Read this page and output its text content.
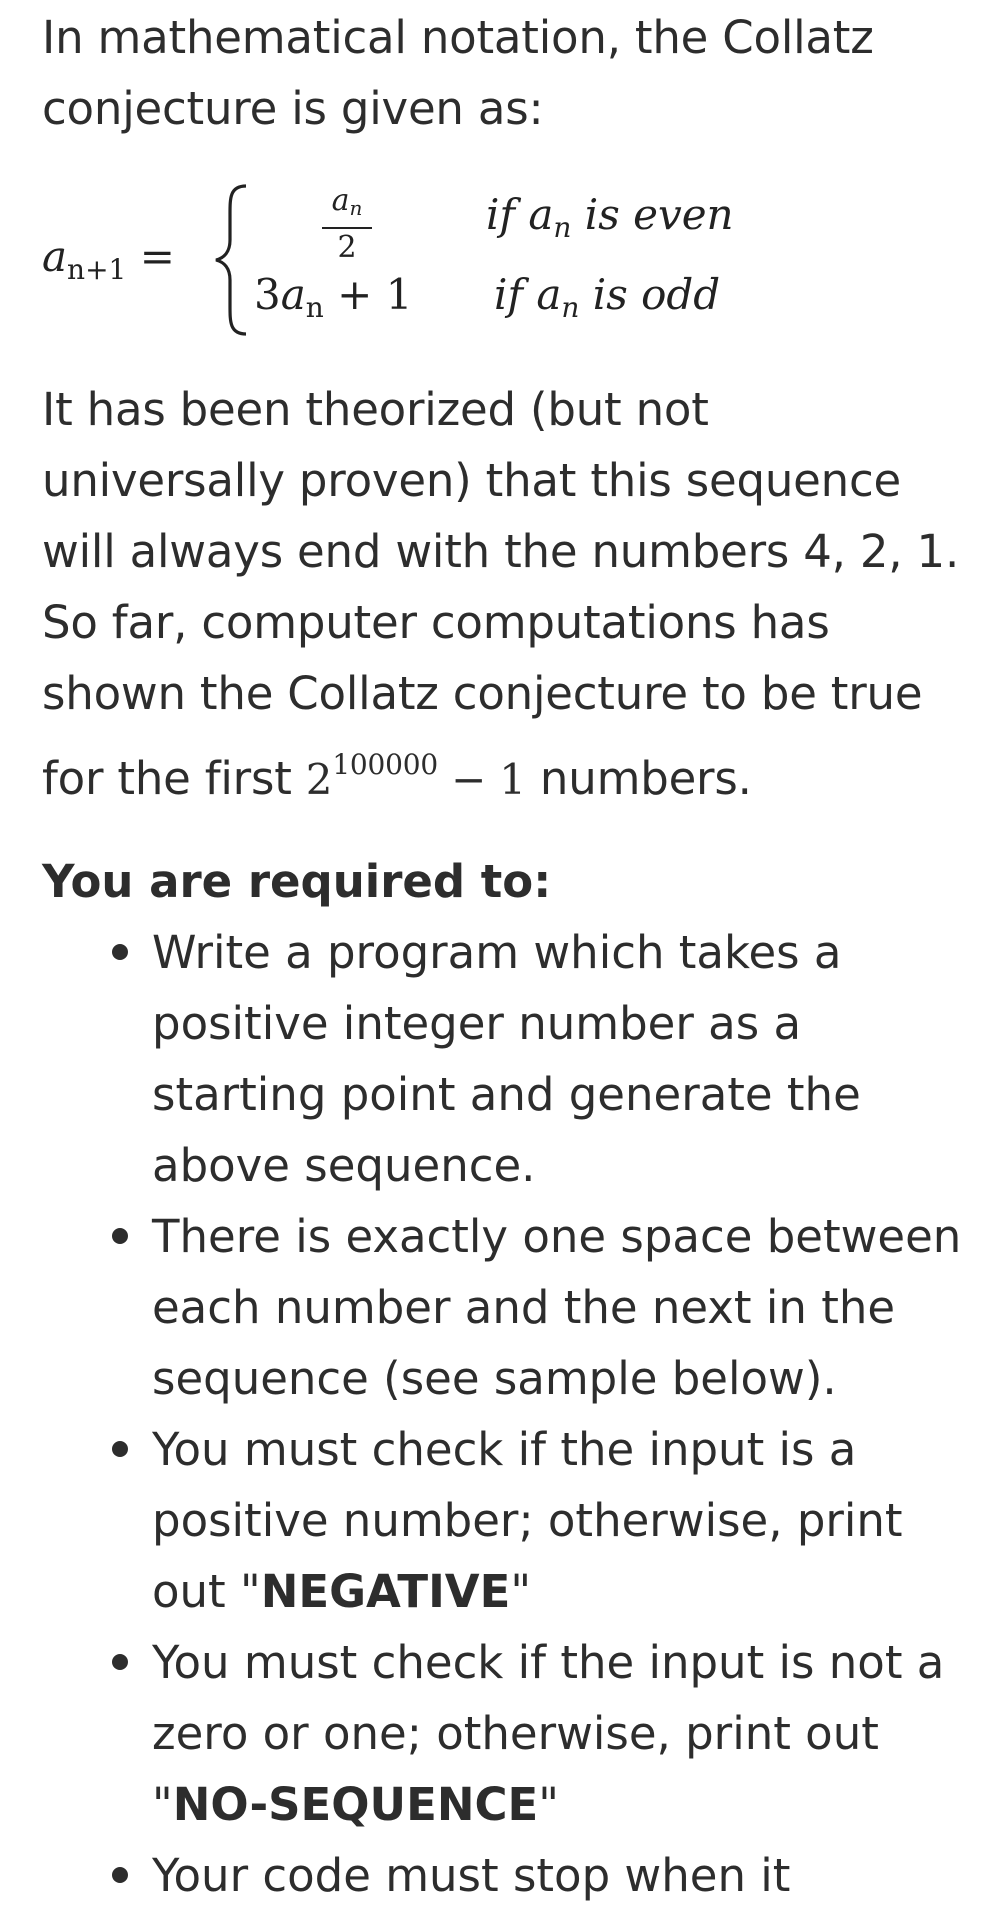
In mathematical notation, the Collatz conjecture is given as:

$a_{n+1}$ =
$a_n$
2
if $a_n$ is even
$3a_n + 1$ if $a_n$ is odd

It has been theorized (but not universally proven) that this sequence will always end with the numbers 4, 2, 1. So far, computer computations has shown the Collatz conjecture to be true for the first $2^{100000} - 1$ numbers.

You are required to:
Write a program which takes a positive integer number as a starting point and generate the above sequence.
There is exactly one space between each number and the next in the sequence (see sample below).
You must check if the input is a positive number; otherwise, print out "NEGATIVE"
You must check if the input is not a zero or one; otherwise, print out "NO-SEQUENCE"
Your code must stop when it
